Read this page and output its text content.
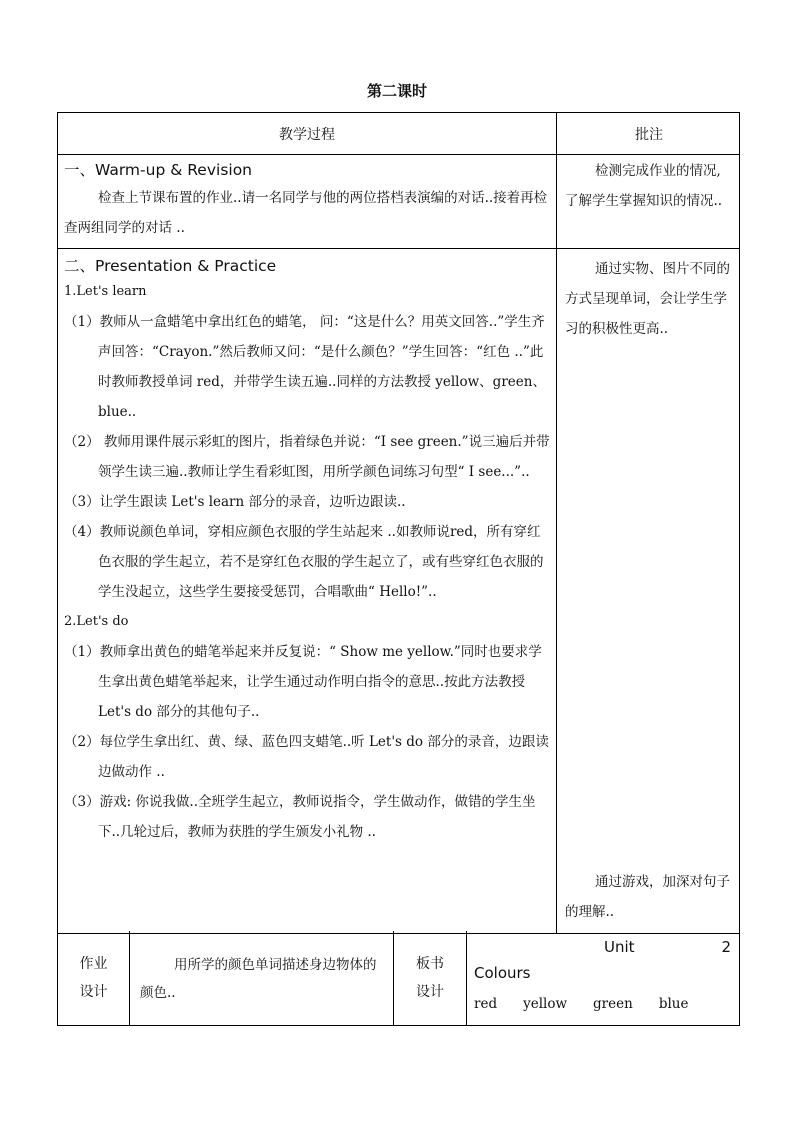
第二课时
教学过程	批注
一、Warm-up & Revision

检查上节课布置的作业..请一名同学与他的两位搭档表演编的对话..接着再检查两组同学的对话 ..

检测完成作业的情况,了解学生掌握知识的情况..

二、Presentation & Practice
1.Let's learn

（1）教师从一盒蜡笔中拿出红色的蜡笔， 问：“这是什么？用英文回答..”学生齐声回答：“Crayon.”然后教师又问：“是什么颜色？”学生回答：“红色 ..”此时教师教授单词 red，并带学生读五遍..同样的方法教授 yellow、green、blue..

（2） 教师用课件展示彩虹的图片，指着绿色并说：“I see green.”说三遍后并带领学生读三遍..教师让学生看彩虹图，用所学颜色词练习句型“ I see...”..

（3）让学生跟读 Let's learn 部分的录音，边听边跟读..

（4）教师说颜色单词，穿相应颜色衣服的学生站起来 ..如教师说red，所有穿红色衣服的学生起立，若不是穿红色衣服的学生起立了，或有些穿红色衣服的学生没起立，这些学生要接受惩罚，合唱歌曲“ Hello!”..

2.Let's do

（1）教师拿出黄色的蜡笔举起来并反复说：“ Show me yellow.”同时也要求学生拿出黄色蜡笔举起来，让学生通过动作明白指令的意思..按此方法教授 Let's do 部分的其他句子..

（2）每位学生拿出红、黄、绿、蓝色四支蜡笔..听 Let's do 部分的录音，边跟读边做动作 ..

（3）游戏: 你说我做..全班学生起立，教师说指令，学生做动作，做错的学生坐下..几轮过后，教师为获胜的学生颁发小礼物 ..

通过实物、图片不同的方式呈现单词，会让学生学习的积极性更高..

通过游戏，加深对句子的理解..

作业
设计

用所学的颜色单词描述身边物体的颜色..

板书
设计
Unit	2
Colours
red yellow green blue
